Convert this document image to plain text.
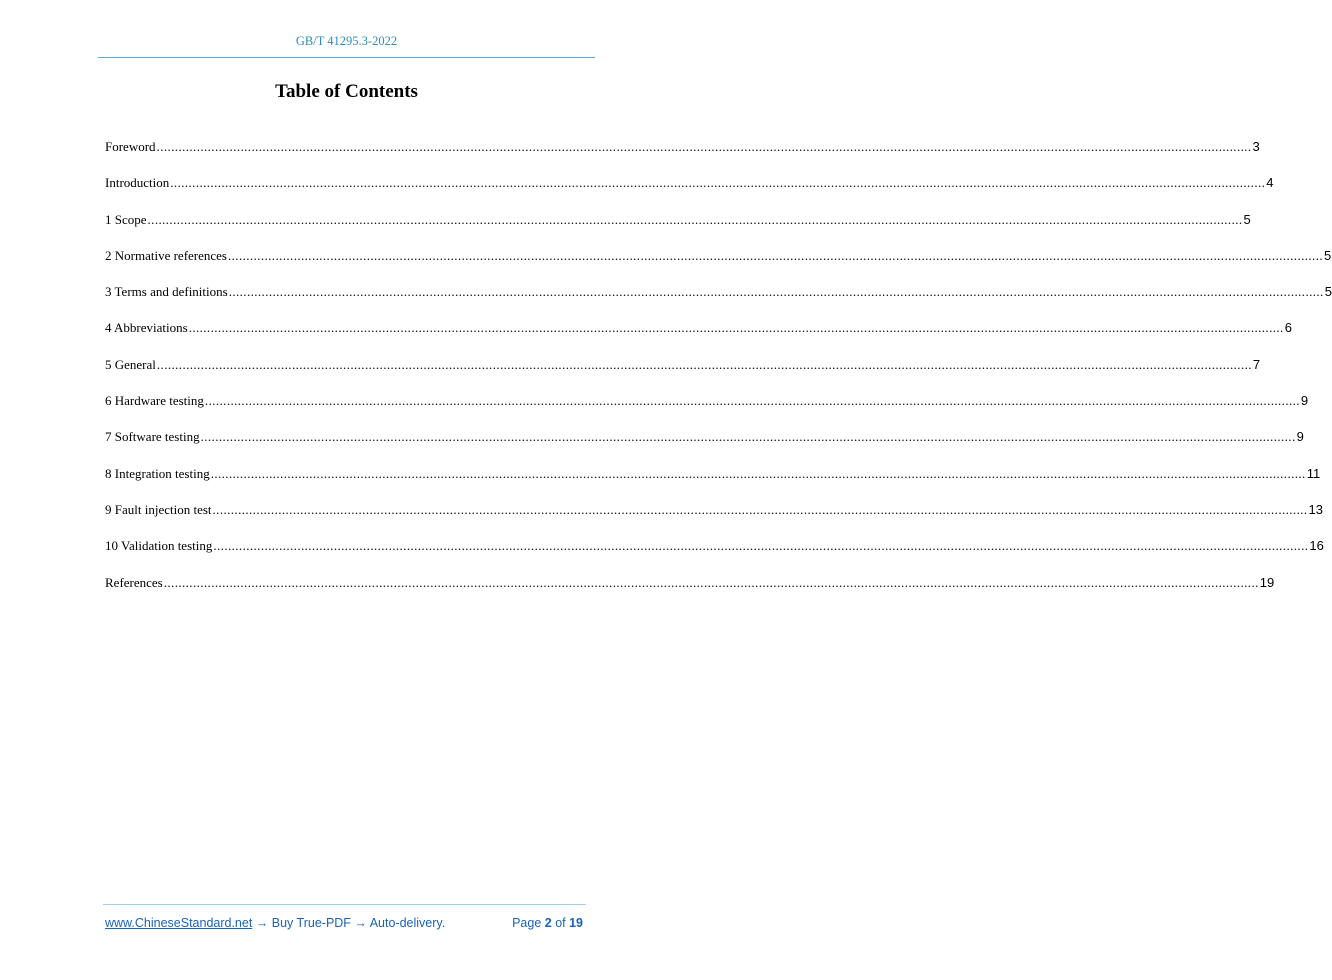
GB/T 41295.3-2022
Table of Contents
Foreword ............................................................................................................................................................................................................................................................................................................ 3
Introduction ............................................................................................................................................................................................................................................................................................................ 4
1 Scope ............................................................................................................................................................................................................................................................................................................ 5
2 Normative references ............................................................................................................................................................................................................................................................................................................ 5
3 Terms and definitions ............................................................................................................................................................................................................................................................................................................ 5
4 Abbreviations ............................................................................................................................................................................................................................................................................................................ 6
5 General ............................................................................................................................................................................................................................................................................................................ 7
6 Hardware testing ............................................................................................................................................................................................................................................................................................................ 9
7 Software testing ............................................................................................................................................................................................................................................................................................................ 9
8 Integration testing ............................................................................................................................................................................................................................................................................................................ 11
9 Fault injection test ............................................................................................................................................................................................................................................................................................................ 13
10 Validation testing ............................................................................................................................................................................................................................................................................................................ 16
References ............................................................................................................................................................................................................................................................................................................ 19
www.ChineseStandard.net → Buy True-PDF → Auto-delivery.	Page 2 of 19
